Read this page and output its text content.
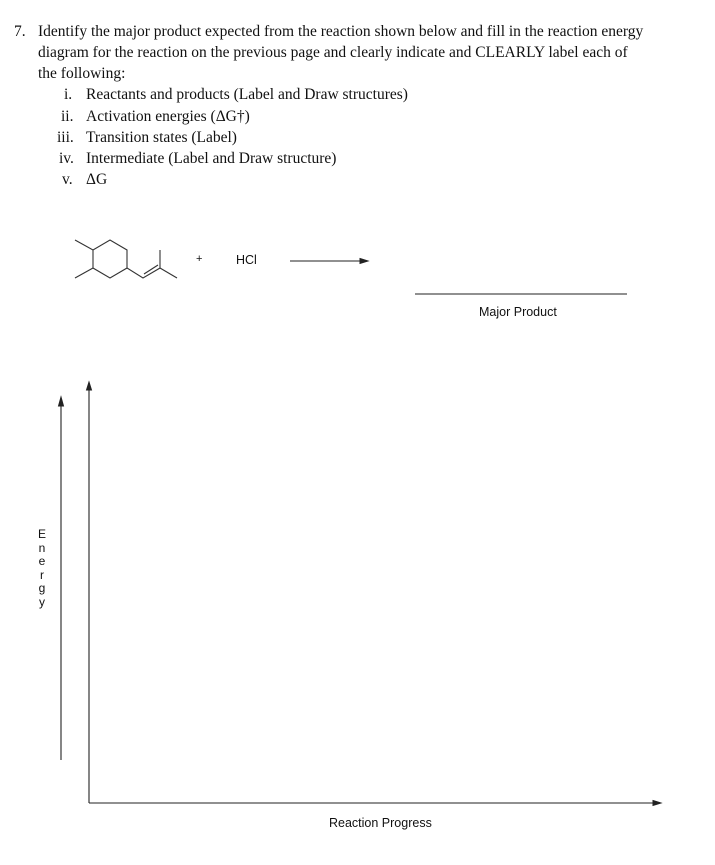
7. Identify the major product expected from the reaction shown below and fill in the reaction energy
diagram for the reaction on the previous page and clearly indicate and CLEARLY label each of
the following:
i. Reactants and products (Label and Draw structures)
ii. Activation energies (ΔG†)
iii. Transition states (Label)
iv. Intermediate (Label and Draw structure)
v. ΔG
+	HCl
Major Product
E
n
e
r
g
y
Reaction Progress
